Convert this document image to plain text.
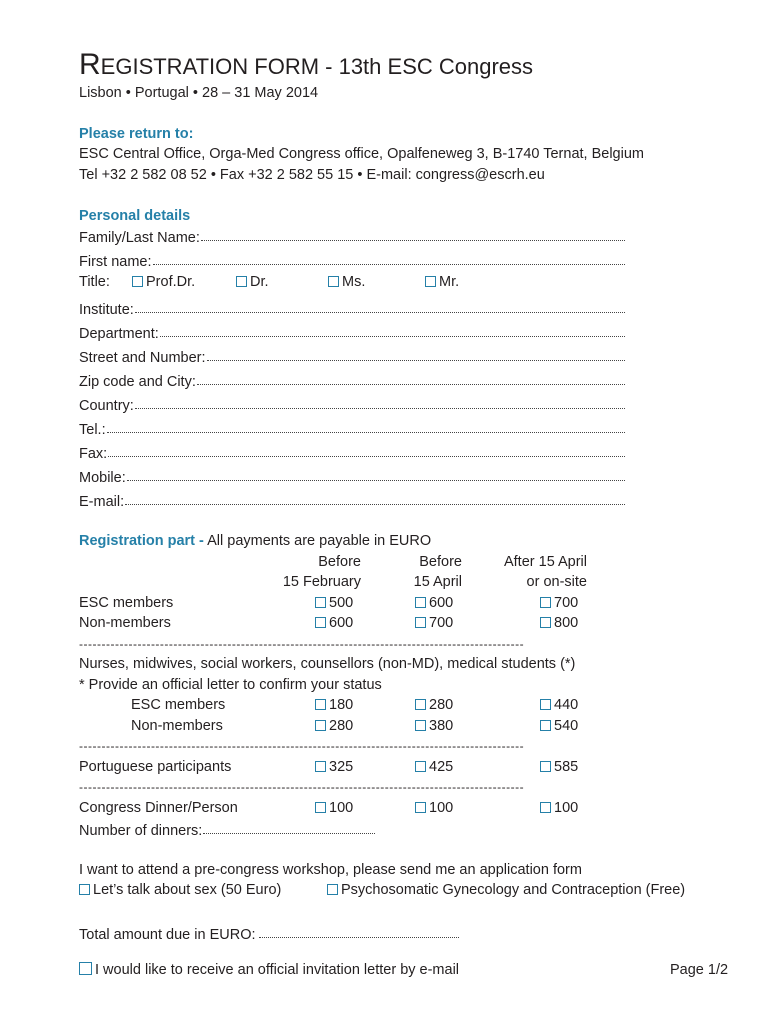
REGISTRATION FORM - 13th ESC Congress
Lisbon • Portugal • 28 – 31 May 2014
Please return to:
ESC Central Office, Orga-Med Congress office, Opalfeneweg 3, B-1740 Ternat, Belgium
Tel +32 2 582 08 52 • Fax +32 2 582 55 15 • E-mail: congress@escrh.eu
Personal details
Family/Last Name:
First name:
Title:	Prof.Dr.	Dr.	Ms.	Mr.
Institute:
Department:
Street and Number:
Zip code and City:
Country:
Tel.:
Fax:
Mobile:
E-mail:
Registration part - All payments are payable in EURO
Before	Before	After 15 April
15 February	15 April	or on-site
ESC members	500	600	700
Non-members	600	700	800
---------------------------------------------------------------------------------------------------
Nurses, midwives, social workers, counsellors (non-MD), medical students (*)
* Provide an official letter to confirm your status
ESC members	180	280	440
Non-members	280	380	540
---------------------------------------------------------------------------------------------------
Portuguese participants	325	425	585
---------------------------------------------------------------------------------------------------
Congress Dinner/Person	100	100	100
Number of dinners:
I want to attend a pre-congress workshop, please send me an application form
Let’s talk about sex (50 Euro)	Psychosomatic Gynecology and Contraception (Free)
Total amount due in EURO:
I would like to receive an official invitation letter by e-mail	Page 1/2
